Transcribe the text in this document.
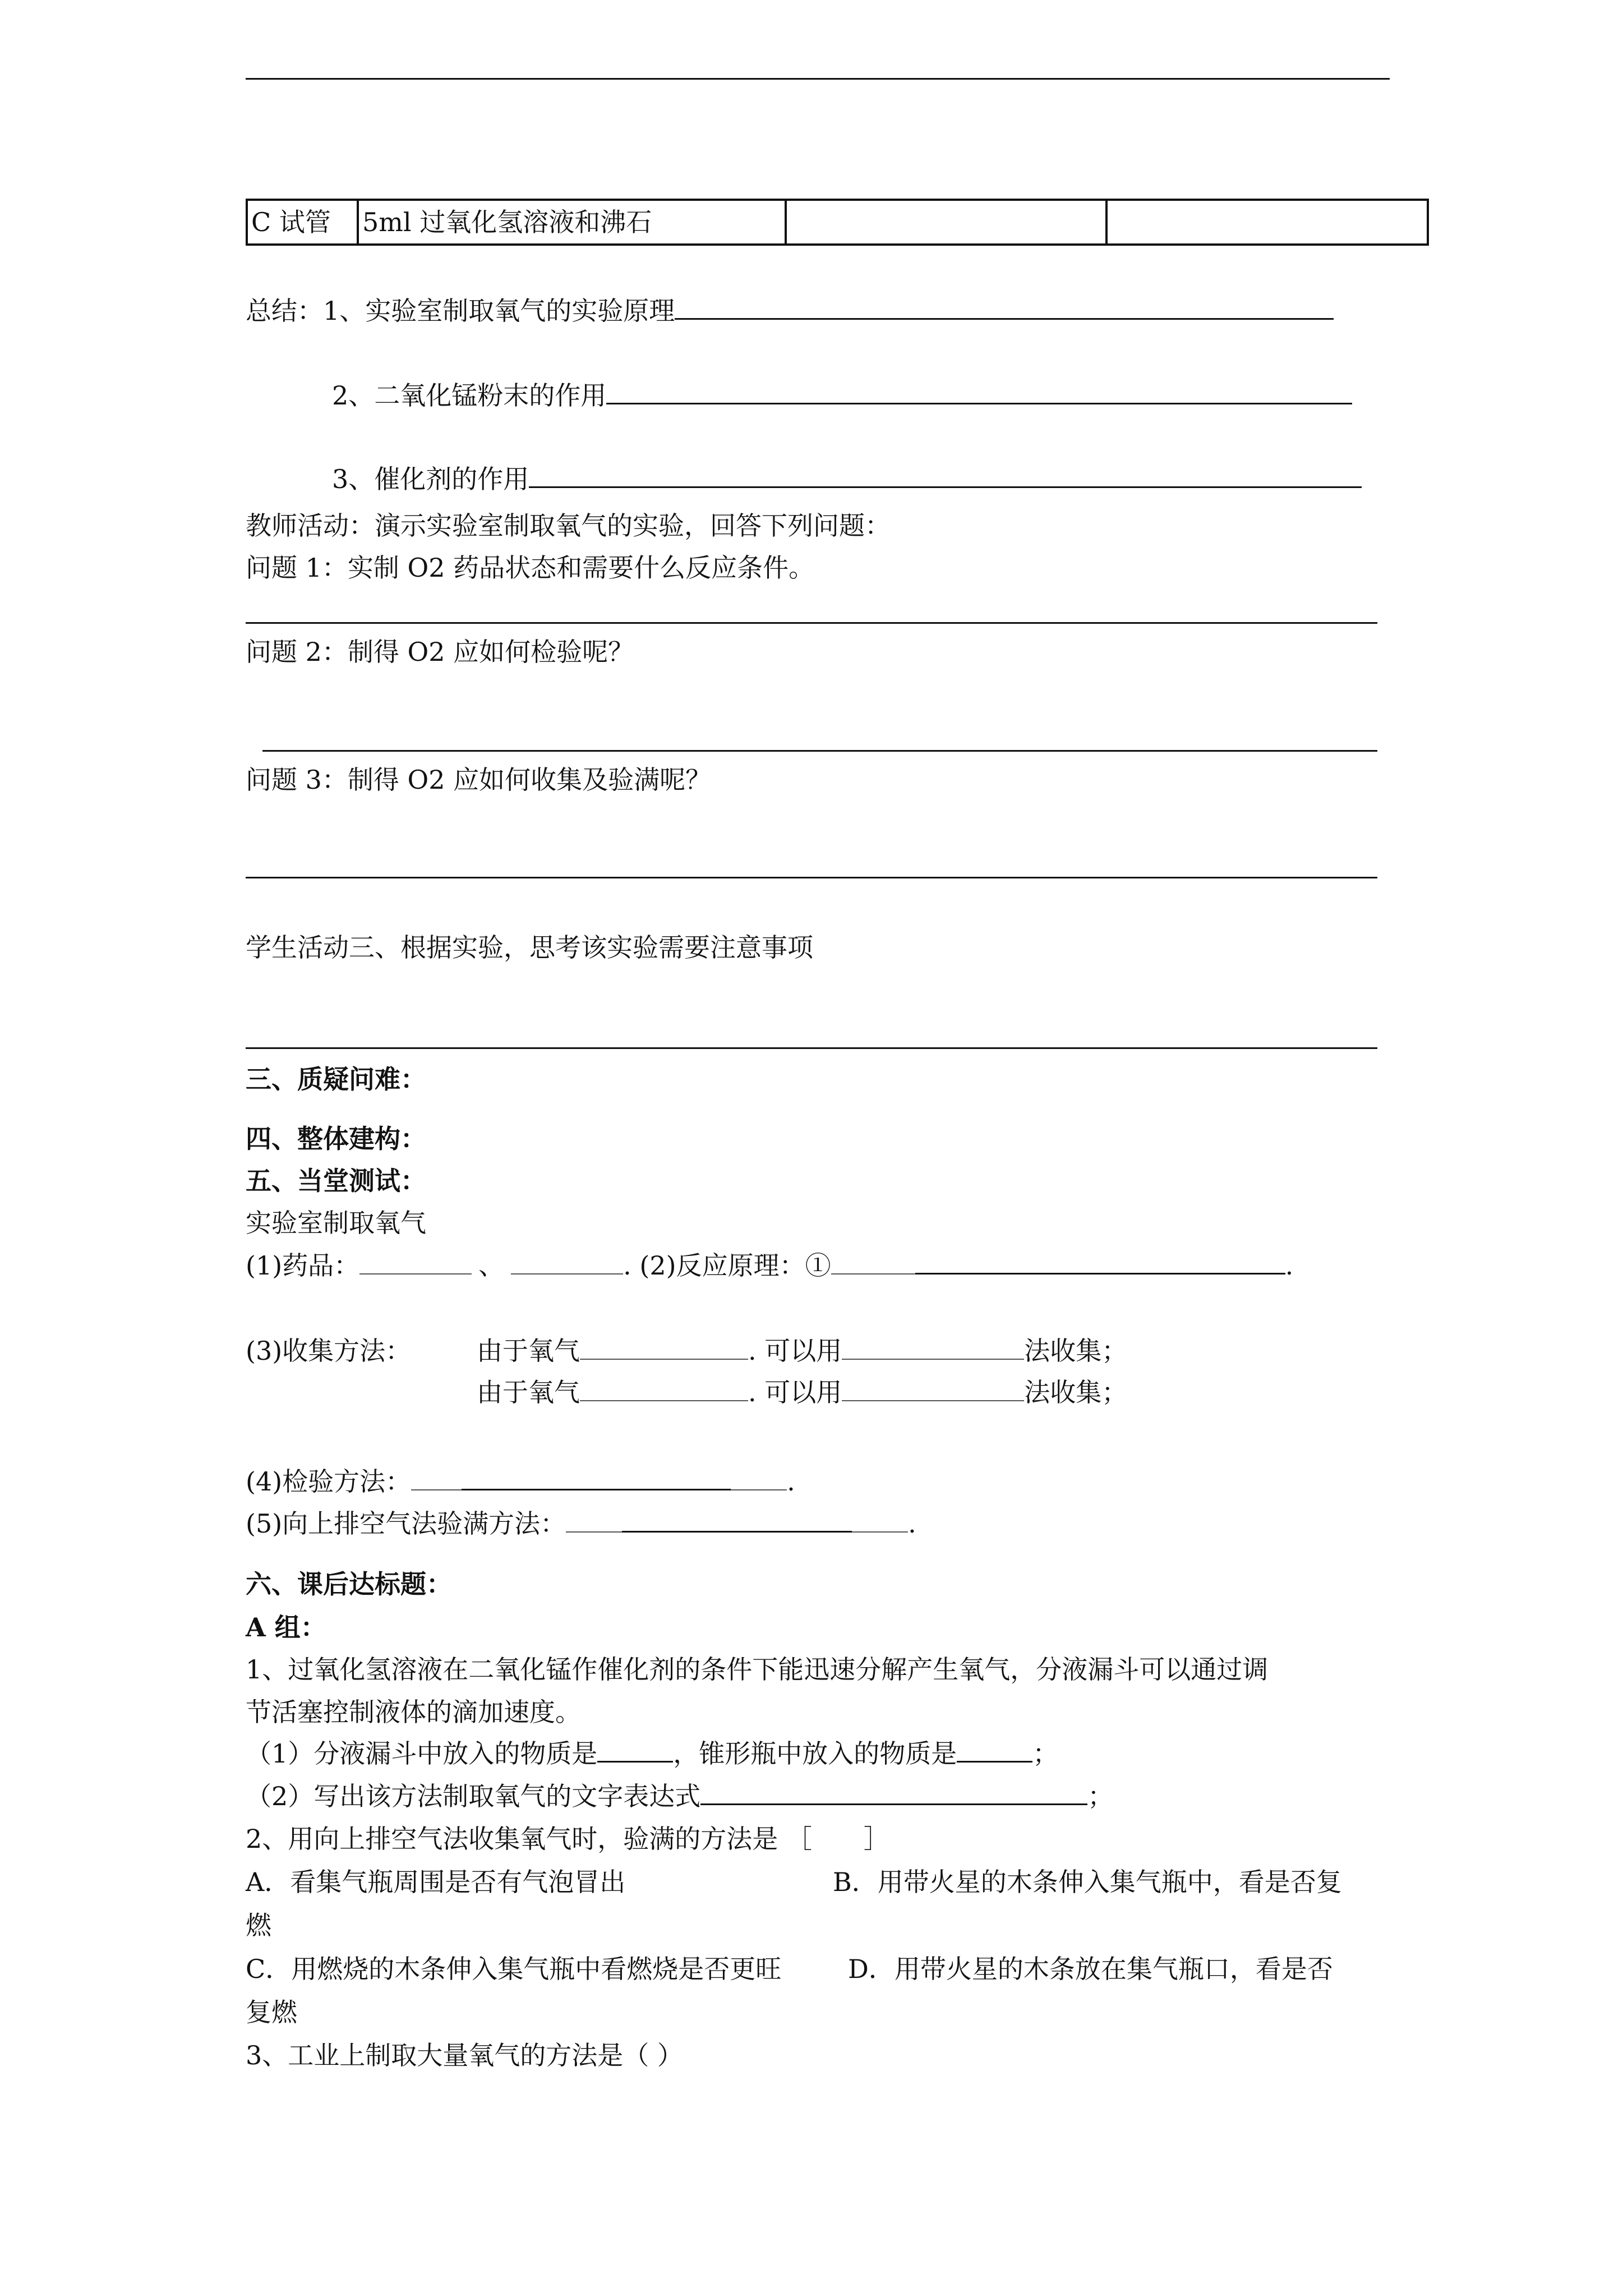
C 试管	5ml 过氧化氢溶液和沸石		
总结：1、实验室制取氧气的实验原理
2、二氧化锰粉末的作用
3、催化剂的作用
教师活动：演示实验室制取氧气的实验，回答下列问题：
问题 1：实制 O2 药品状态和需要什么反应条件。
问题 2：制得 O2 应如何检验呢？
问题 3：制得 O2 应如何收集及验满呢？
学生活动三、根据实验，思考该实验需要注意事项
三、质疑问难：
四、整体建构：
五、当堂测试：
实验室制取氧气
(1)药品：	、	. (2)反应原理：①	.
(3)收集方法：	由于氧气	. 可以用	法收集；
由于氧气	. 可以用	法收集；
(4)检验方法：	.
(5)向上排空气法验满方法：	.
六、课后达标题：
A 组：
1、过氧化氢溶液在二氧化锰作催化剂的条件下能迅速分解产生氧气，分液漏斗可以通过调
节活塞控制液体的滴加速度。
（1）分液漏斗中放入的物质是	，锥形瓶中放入的物质是	；
（2）写出该方法制取氧气的文字表达式	；
2、用向上排空气法收集氧气时，验满的方法是 ［　　］
A．看集气瓶周围是否有气泡冒出	B．用带火星的木条伸入集气瓶中，看是否复
燃
C．用燃烧的木条伸入集气瓶中看燃烧是否更旺	D．用带火星的木条放在集气瓶口，看是否
复燃
3、工业上制取大量氧气的方法是（ ）
